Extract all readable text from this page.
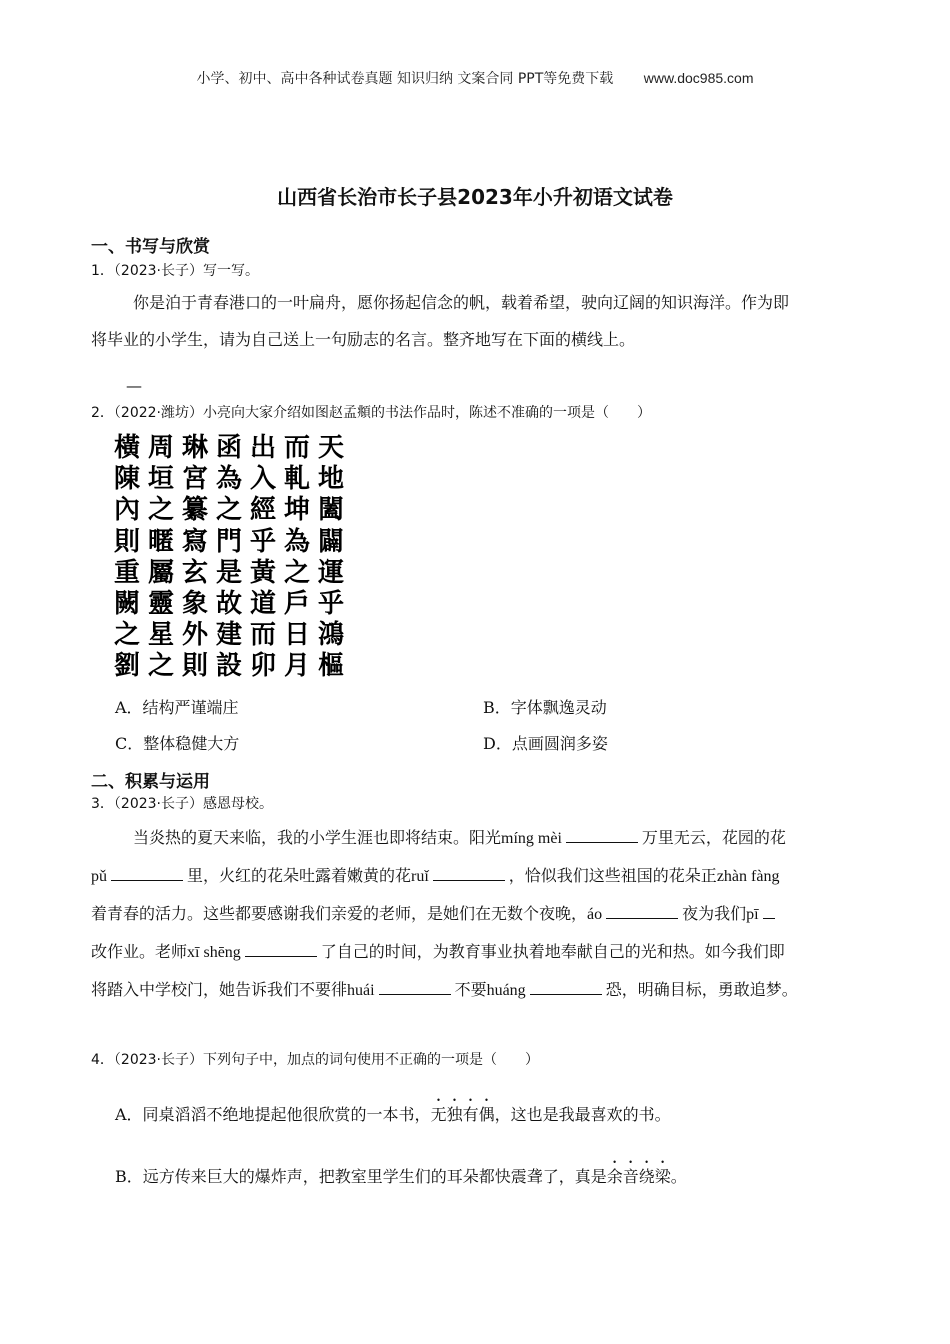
小学、初中、高中各种试卷真题 知识归纳 文案合同 PPT等免费下载 www.doc985.com
山西省长治市长子县2023年小升初语文试卷
一、书写与欣赏
1．（2023·长子）写一写。
你是泊于青春港口的一叶扁舟，愿你扬起信念的帆，载着希望，驶向辽阔的知识海洋。作为即
将毕业的小学生，请为自己送上一句励志的名言。整齐地写在下面的横线上。
—
2．（2022·潍坊）小亮向大家介绍如图赵孟頫的书法作品时，陈述不准确的一项是（　　）
橫陳內則重闕之劉
周垣之暱屬靈星之
琳宮纂寫玄象外則
函為之門是故建設
出入經乎黃道而卯
而軋坤為之戶日月
天地闔闢運乎鴻樞
A．结构严谨端庄	B．字体飘逸灵动
C．整体稳健大方	D．点画圆润多姿
二、积累与运用
3．（2023·长子）感恩母校。
当炎热的夏天来临，我的小学生涯也即将结束。阳光míng mèi	万里无云，花园的花
pǔ	里，火红的花朵吐露着嫩黄的花ruǐ	，恰似我们这些祖国的花朵正zhàn fàng
着青春的活力。这些都要感谢我们亲爱的老师，是她们在无数个夜晚，áo	夜为我们pī
改作业。老师xī shēng	了自己的时间，为教育事业执着地奉献自己的光和热。如今我们即
将踏入中学校门，她告诉我们不要徘huái	不要huáng	恐，明确目标，勇敢追梦。
4．（2023·长子）下列句子中，加点的词句使用不正确的一项是（　　）
A．同桌滔滔不绝地提起他很欣赏的一本书，无独有偶，这也是我最喜欢的书。
B．远方传来巨大的爆炸声，把教室里学生们的耳朵都快震聋了，真是余音绕梁。
